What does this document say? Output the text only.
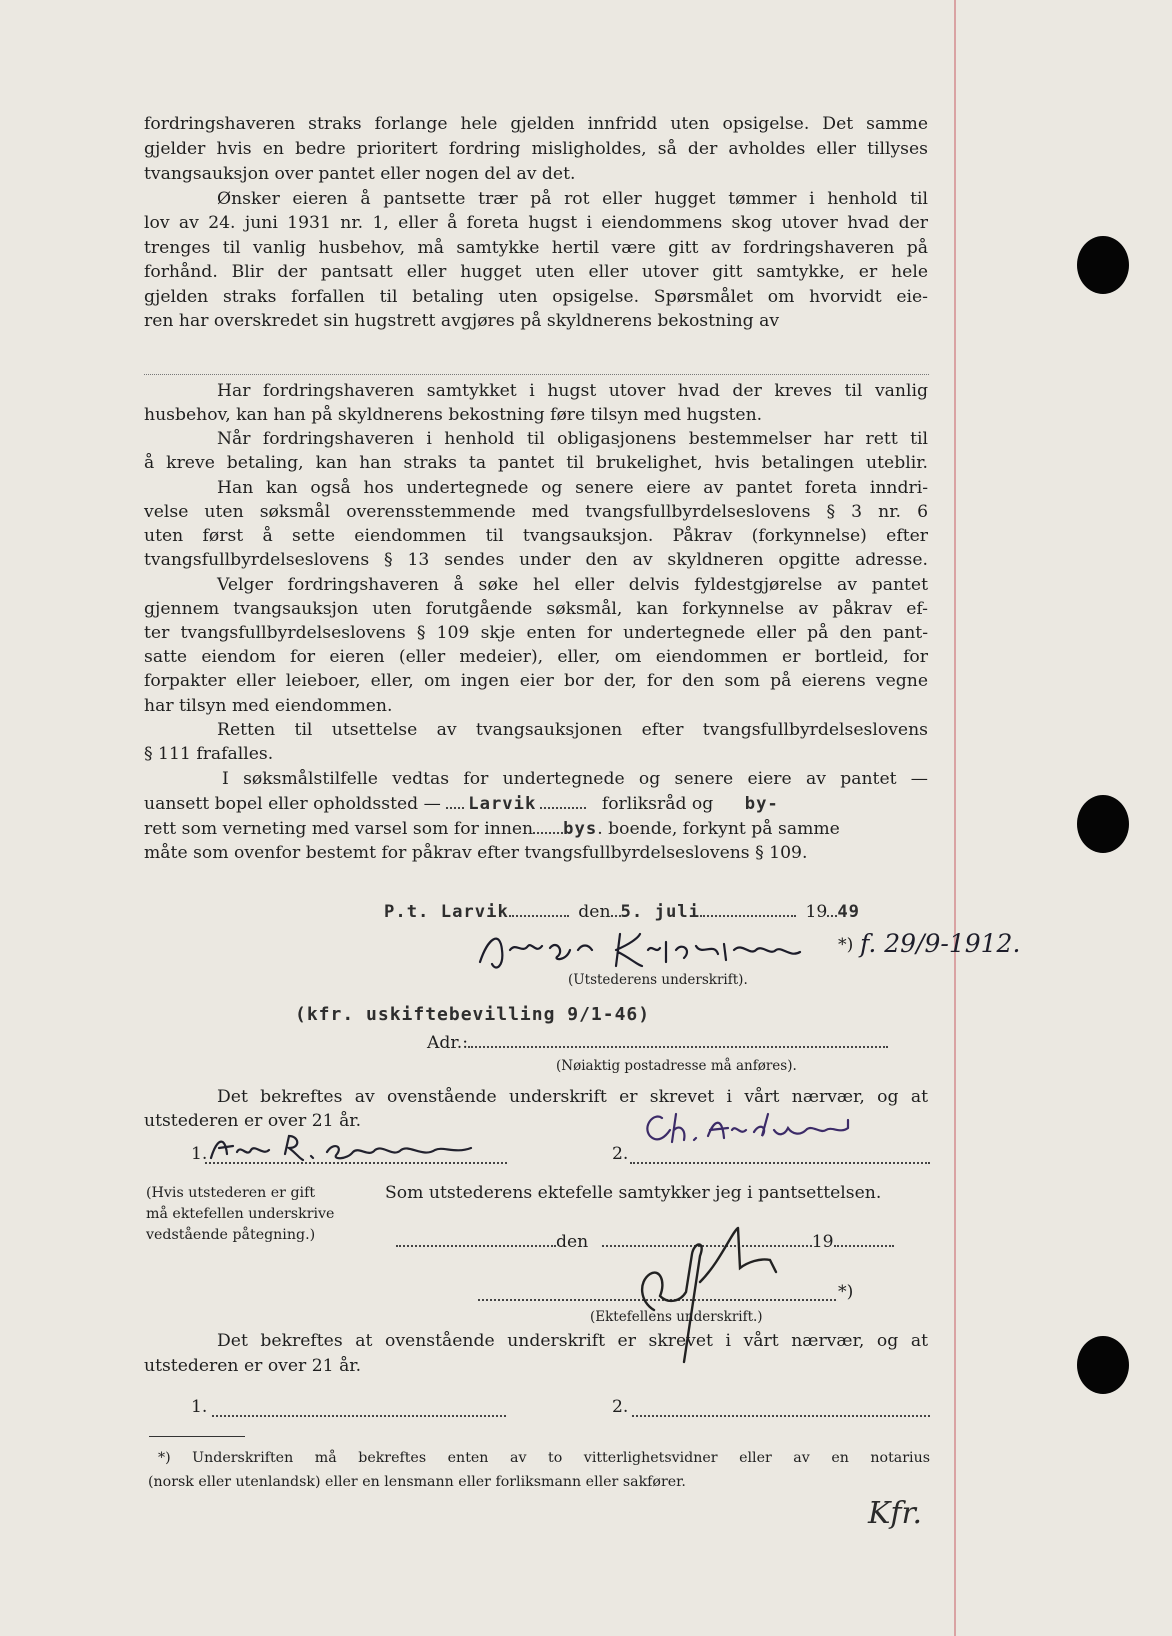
fordringshaveren straks forlange hele gjelden innfridd uten opsigelse. Det samme
gjelder hvis en bedre prioritert fordring misligholdes, så der avholdes eller tillyses
tvangsauksjon over pantet eller nogen del av det.
Ønsker eieren å pantsette trær på rot eller hugget tømmer i henhold til
lov av 24. juni 1931 nr. 1, eller å foreta hugst i eiendommens skog utover hvad der
trenges til vanlig husbehov, må samtykke hertil være gitt av fordringshaveren på
forhånd. Blir der pantsatt eller hugget uten eller utover gitt samtykke, er hele
gjelden straks forfallen til betaling uten opsigelse. Spørsmålet om hvorvidt eie-
ren har overskredet sin hugstrett avgjøres på skyldnerens bekostning av
Har fordringshaveren samtykket i hugst utover hvad der kreves til vanlig
husbehov, kan han på skyldnerens bekostning føre tilsyn med hugsten.
Når fordringshaveren i henhold til obligasjonens bestemmelser har rett til
å kreve betaling, kan han straks ta pantet til brukelighet, hvis betalingen uteblir.
Han kan også hos undertegnede og senere eiere av pantet foreta inndri-
velse uten søksmål overensstemmende med tvangsfullbyrdelseslovens § 3 nr. 6
uten først å sette eiendommen til tvangsauksjon. Påkrav (forkynnelse) efter
tvangsfullbyrdelseslovens § 13 sendes under den av skyldneren opgitte adresse.
Velger fordringshaveren å søke hel eller delvis fyldestgjørelse av pantet
gjennem tvangsauksjon uten forutgående søksmål, kan forkynnelse av påkrav ef-
ter tvangsfullbyrdelseslovens § 109 skje enten for undertegnede eller på den pant-
satte eiendom for eieren (eller medeier), eller, om eiendommen er bortleid, for
forpakter eller leieboer, eller, om ingen eier bor der, for den som på eierens vegne
har tilsyn med eiendommen.
Retten til utsettelse av tvangsauksjonen efter tvangsfullbyrdelseslovens
§ 111 frafalles.
I søksmålstilfelle vedtas for undertegnede og senere eiere av pantet —
uansett bopel eller opholdssted — Larvik	forliksråd og by-
rett som verneting med varsel som for innen bys. boende, forkynt på samme
måte som ovenfor bestemt for påkrav efter tvangsfullbyrdelseslovens § 109.
P.t. Larvik	den 5. juli	19 49
*) f. 29/9-1912.
(Utstederens underskrift).
(kfr. uskiftebevilling 9/1-46)
Adr.:
(Nøiaktig postadresse må anføres).
Det bekreftes av ovenstående underskrift er skrevet i vårt nærvær, og at
utstederen er over 21 år.
1.	2.
(Hvis utstederen er gift
må ektefellen underskrive
vedstående påtegning.)
Som utstederens ektefelle samtykker jeg i pantsettelsen.
den	19
*)
(Ektefellens underskrift.)
Det bekreftes at ovenstående underskrift er skrevet i vårt nærvær, og at
utstederen er over 21 år.
1.	2.
*) Underskriften må bekreftes enten av to vitterlighetsvidner eller av en notarius
(norsk eller utenlandsk) eller en lensmann eller forliksmann eller sakfører.
Kfr.
